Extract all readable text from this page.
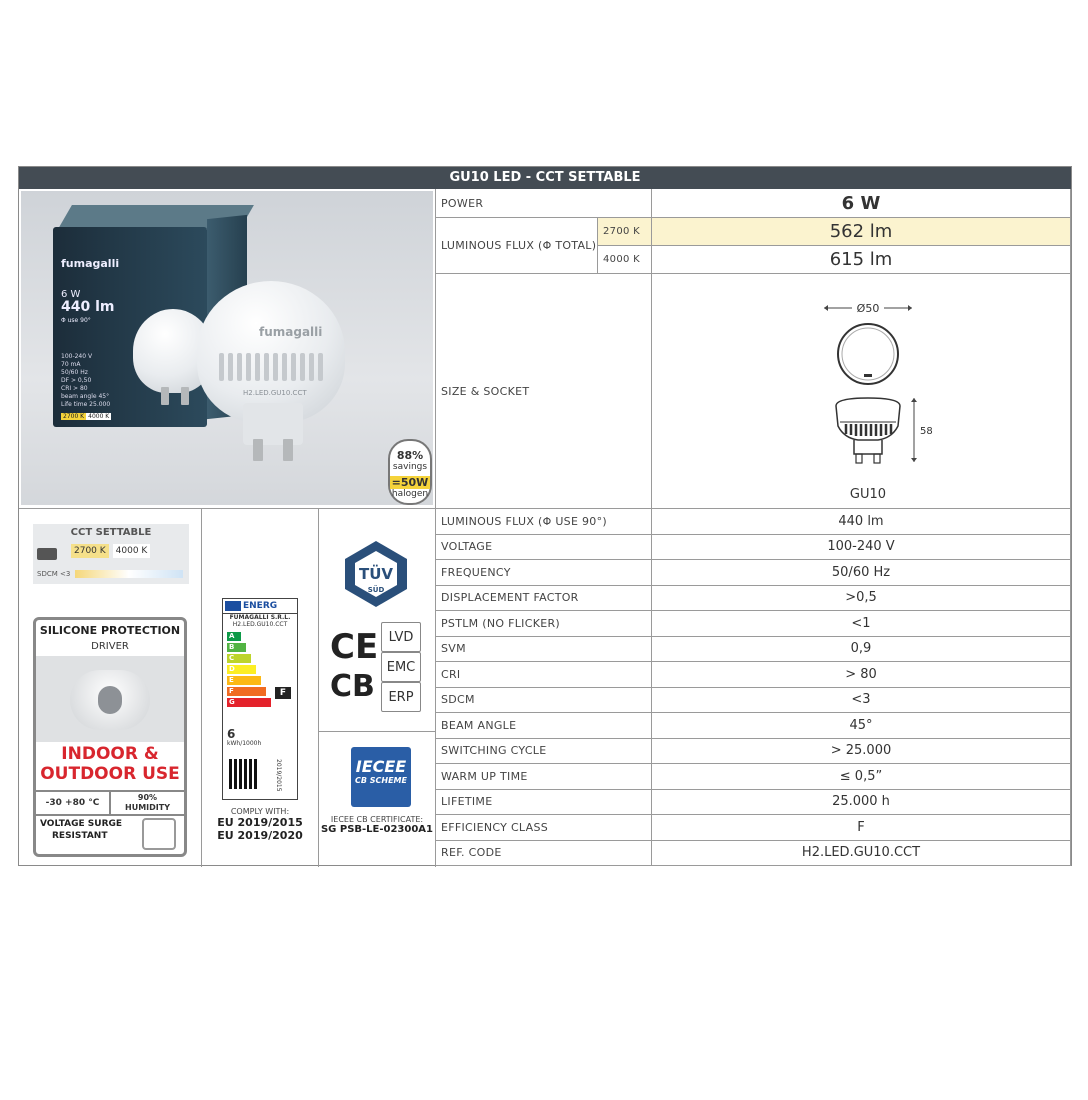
GU10 LED - CCT SETTABLE
fumagalli
6 W
440 lm
Φ use 90°
100-240 V
70 mA
50/60 Hz
DF > 0,50
CRI > 80
beam angle 45°
Life time 25.000
2700 K 4000 K
fumagalli
H2.LED.GU10.CCT
88%
savings
=50W
halogen
POWER	6 W
LUMINOUS FLUX (Φ TOTAL)
2700 K	562 lm
4000 K	615 lm
SIZE & SOCKET
Ø50
58
GU10
LUMINOUS FLUX (Φ USE 90°)	440 lm
VOLTAGE	100-240 V
FREQUENCY	50/60 Hz
DISPLACEMENT FACTOR	>0,5
PSTLM (NO FLICKER)	<1
SVM	0,9
CRI	> 80
SDCM	<3
BEAM ANGLE	45°
SWITCHING CYCLE	> 25.000
WARM UP TIME	≤ 0,5”
LIFETIME	25.000 h
EFFICIENCY CLASS	F
REF. CODE	H2.LED.GU10.CCT
CCT SETTABLE
2700 K	4000 K
SDCM <3
SILICONE PROTECTION
DRIVER
INDOOR &
OUTDOOR USE
-30 +80 °C
90%
HUMIDITY
VOLTAGE SURGE
RESISTANT
ENERG
FUMAGALLI S.R.L.
H2.LED.GU10.CCT
A
B
C
D
E
F
G
F
6
kWh/1000h
2019/2015
COMPLY WITH:
EU 2019/2015
EU 2019/2020
TÜV
SÜD
CE
CB
LVD
EMC
ERP
IECEE
CB SCHEME
IECEE CB CERTIFICATE:
SG PSB-LE-02300A1
